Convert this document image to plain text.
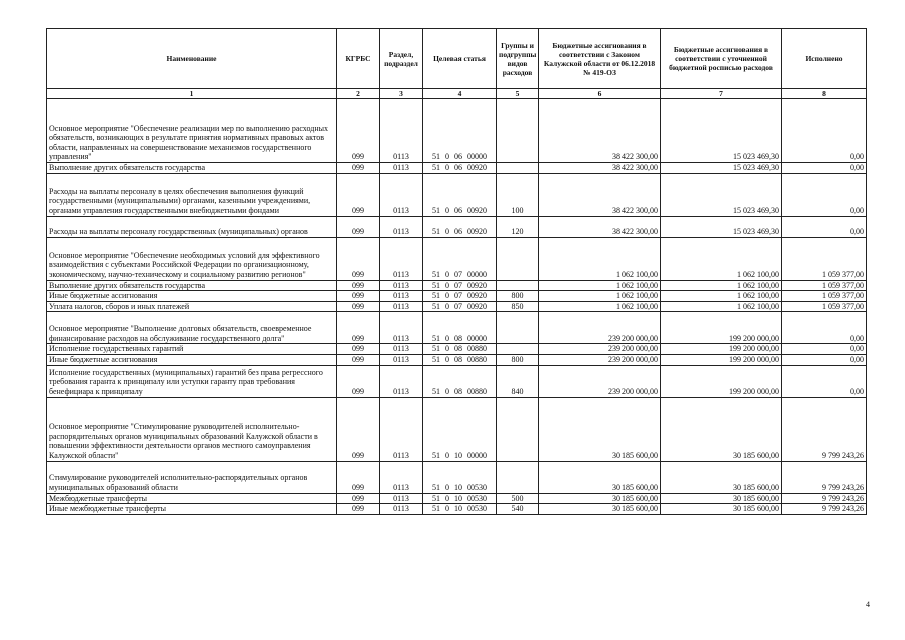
Наименование	КГРБС	Раздел, подраздел	Целевая статья	Группы и подгруппы видов расходов	Бюджетные ассигнования в соответствии с Законом Калужской области от 06.12.2018 № 419-ОЗ	Бюджетные ассигнования в соответствии с уточненной бюджетной росписью расходов	Исполнено
1	2	3	4	5	6	7	8
Основное мероприятие "Обеспечение реализации мер по выполнению расходных обязательств, возникающих в результате принятия нормативных правовых актов области, направленных на совершенствование механизмов государственного управления"	099	0113	51 0 06 00000		38 422 300,00	15 023 469,30	0,00
Выполнение других обязательств государства	099	0113	51 0 06 00920		38 422 300,00	15 023 469,30	0,00
Расходы на выплаты персоналу в целях обеспечения выполнения функций государственными (муниципальными) органами, казенными учреждениями, органами управления государственными внебюджетными фондами	099	0113	51 0 06 00920	100	38 422 300,00	15 023 469,30	0,00
Расходы на выплаты персоналу государственных (муниципальных) органов	099	0113	51 0 06 00920	120	38 422 300,00	15 023 469,30	0,00
Основное мероприятие "Обеспечение необходимых условий для эффективного взаимодействия с субъектами Российской Федерации по организационному, экономическому, научно-техническому и социальному развитию регионов"	099	0113	51 0 07 00000		1 062 100,00	1 062 100,00	1 059 377,00
Выполнение других обязательств государства	099	0113	51 0 07 00920		1 062 100,00	1 062 100,00	1 059 377,00
Иные бюджетные ассигнования	099	0113	51 0 07 00920	800	1 062 100,00	1 062 100,00	1 059 377,00
Уплата налогов, сборов и иных платежей	099	0113	51 0 07 00920	850	1 062 100,00	1 062 100,00	1 059 377,00
Основное мероприятие "Выполнение долговых обязательств, своевременное финансирование расходов на обслуживание государственного долга"	099	0113	51 0 08 00000		239 200 000,00	199 200 000,00	0,00
Исполнение государственных гарантий	099	0113	51 0 08 00880		239 200 000,00	199 200 000,00	0,00
Иные бюджетные ассигнования	099	0113	51 0 08 00880	800	239 200 000,00	199 200 000,00	0,00
Исполнение государственных (муниципальных) гарантий без права регрессного требования гаранта к принципалу или уступки гаранту прав требования бенефициара к принципалу	099	0113	51 0 08 00880	840	239 200 000,00	199 200 000,00	0,00
Основное мероприятие "Стимулирование руководителей исполнительно-распорядительных органов муниципальных образований Калужской области в повышении эффективности деятельности органов местного самоуправления Калужской области"	099	0113	51 0 10 00000		30 185 600,00	30 185 600,00	9 799 243,26
Стимулирование руководителей исполнительно-распорядительных органов муниципальных образований области	099	0113	51 0 10 00530		30 185 600,00	30 185 600,00	9 799 243,26
Межбюджетные трансферты	099	0113	51 0 10 00530	500	30 185 600,00	30 185 600,00	9 799 243,26
Иные межбюджетные трансферты	099	0113	51 0 10 00530	540	30 185 600,00	30 185 600,00	9 799 243,26
4
